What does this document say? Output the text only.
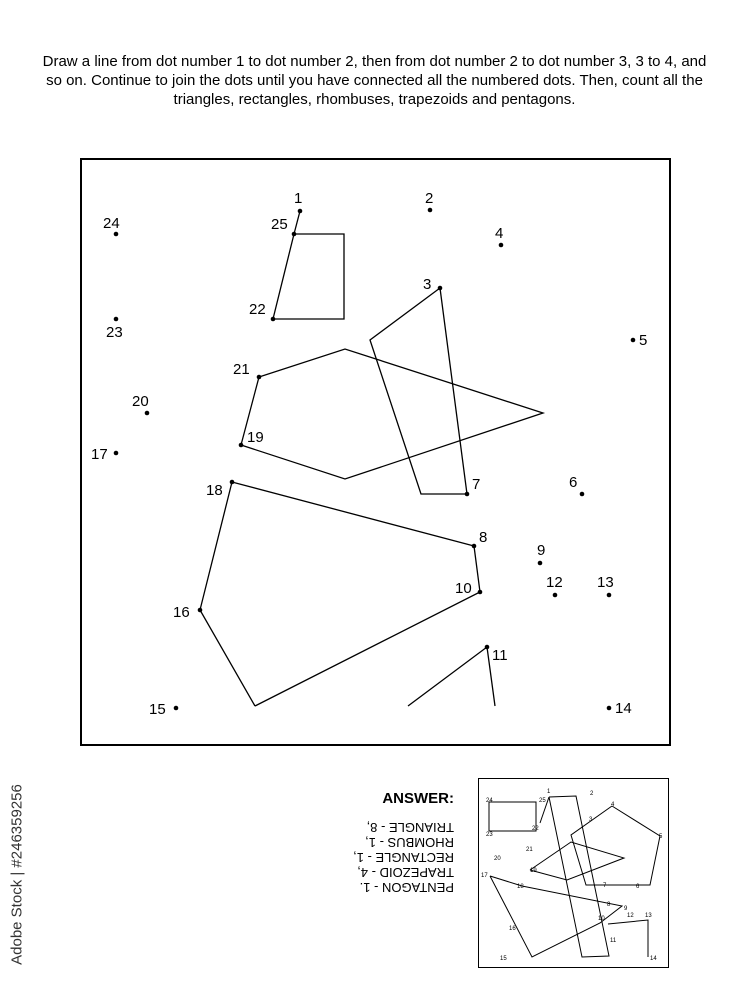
Draw a line from dot number 1 to dot number 2, then from dot number 2 to dot number 3, 3 to 4, and so on. Continue to join the dots until you have connected all the numbered dots. Then, count all the triangles, rectangles, rhombuses, trapezoids and pentagons.

1	2
3
4
5
6
7
8
9
10
11
12 13
14
15
16
17
18
19
20
21
22
23
24	25
1	2
3
4
5
6
7
8
9
10
11
12 13
14
15
16
17
18
19
20
21
22
23
24	25
ANSWER:
PENTAGON - 1.
TRAPEZOID - 4,
RECTANGLE - 1,
RHOMBUS - 1,
TRIANGLE - 8,
Adobe Stock | #246359256
